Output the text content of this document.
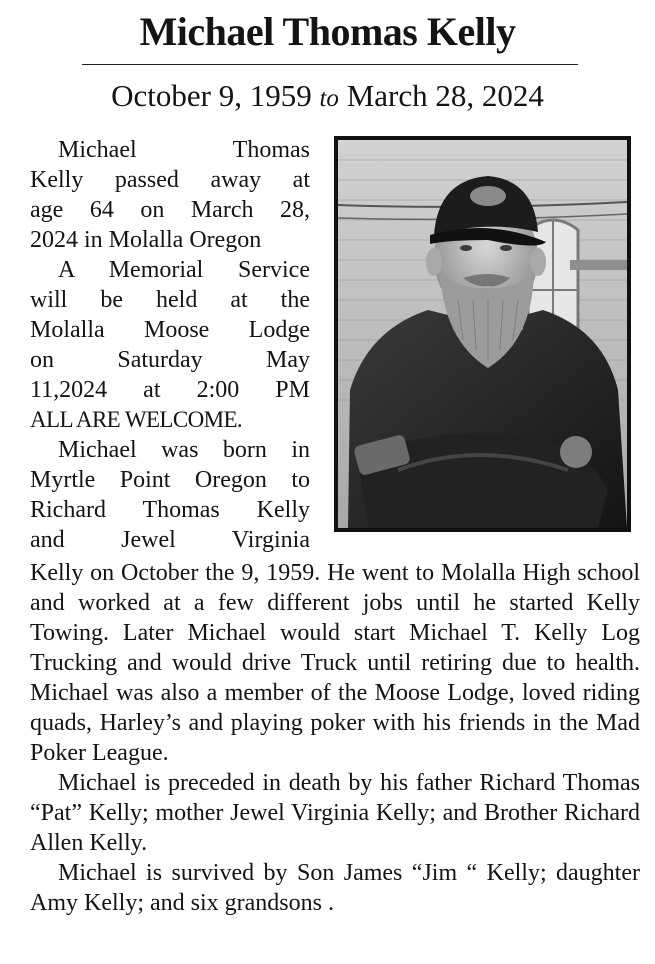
Michael Thomas Kelly
October 9, 1959 to March 28, 2024
Michael Thomas
Kelly passed away at
age 64 on March 28,
2024 in Molalla Oregon
A Memorial Service
will be held at the
Molalla Moose Lodge
on Saturday May
11,2024 at 2:00 PM
ALL ARE WELCOME.
Michael was born in
Myrtle Point Oregon to
Richard Thomas Kelly
and Jewel Virginia

Kelly on October the 9, 1959. He went to Molalla High school and worked at a few different jobs until he started Kelly Towing. Later Michael would start Michael T. Kelly Log Trucking and would drive Truck until retiring due to health. Michael was also a member of the Moose Lodge, loved riding quads, Harley’s and playing poker with his friends in the Mad Poker League.

Michael is preceded in death by his father Richard Thomas “Pat” Kelly; mother Jewel Virginia Kelly; and Brother Richard Allen Kelly.

Michael is survived by Son James “Jim “ Kelly; daughter Amy Kelly; and six grandsons .
